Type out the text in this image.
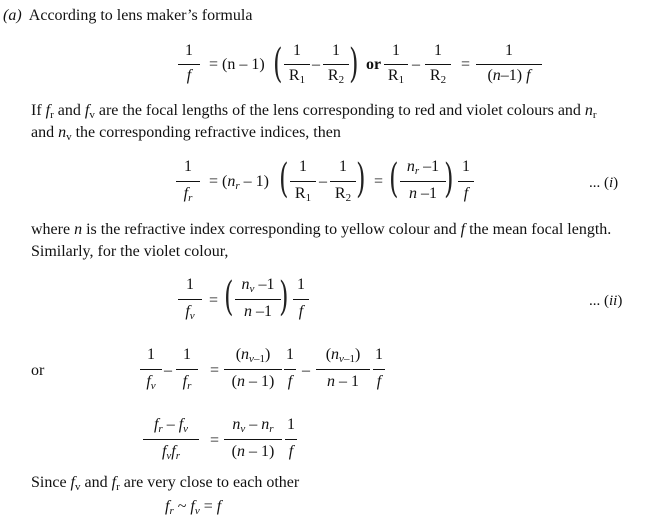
(a) According to lens maker’s formula
1
f
= (n – 1) ( 1
$R_1$
–
1
$R_2$ ) or
1
$R_1$
–
1
$R_2$
=
1
(n–1) f
If $f_r$ and $f_v$ are the focal lengths of the lens corresponding to red and violet colours and $n_r$
and $n_v$ the corresponding refractive indices, then
1
$f_r$
= $(n_r - 1)$ ( 1
$R_1$
–
1
$R_2$ ) = ( $n_r$ –1
n –1 ) 1
f
... (i)
where n is the refractive index corresponding to yellow colour and f the mean focal length.
Similarly, for the violet colour,
1
$f_v$
= ( $n_v$ –1
n –1 ) 1
f
... (ii)
or
1
$f_v$
–
1
$f_r$
=
$(n_{v-1})$
(n – 1)
1
f
–
$(n_{v-1})$
n – 1
1
f
$f_r - f_v$
$f_vf_r$
=
$n_v - n_r$
(n – 1)
1
f
Since $f_v$ and $f_r$ are very close to each other
$f_r$ ~ $f_v = f$
